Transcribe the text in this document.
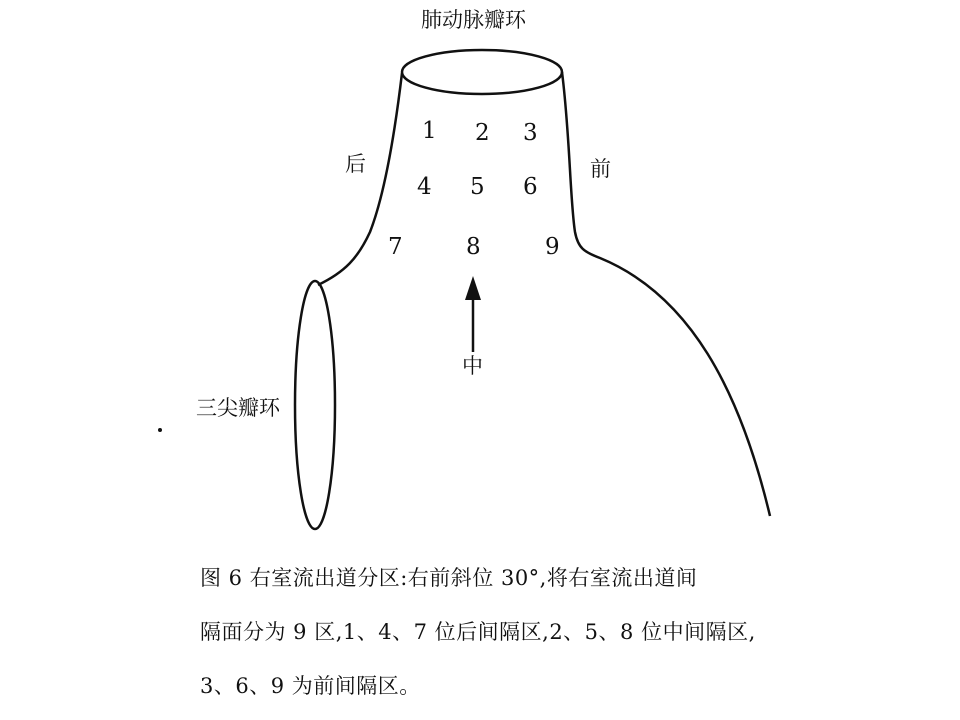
肺动脉瓣环
后	前
中
三尖瓣环
1 2 3
4 5 6
7	8	9
图 6 右室流出道分区:右前斜位 30°,将右室流出道间
隔面分为 9 区,1、4、7 位后间隔区,2、5、8 位中间隔区,
3、6、9 为前间隔区。
